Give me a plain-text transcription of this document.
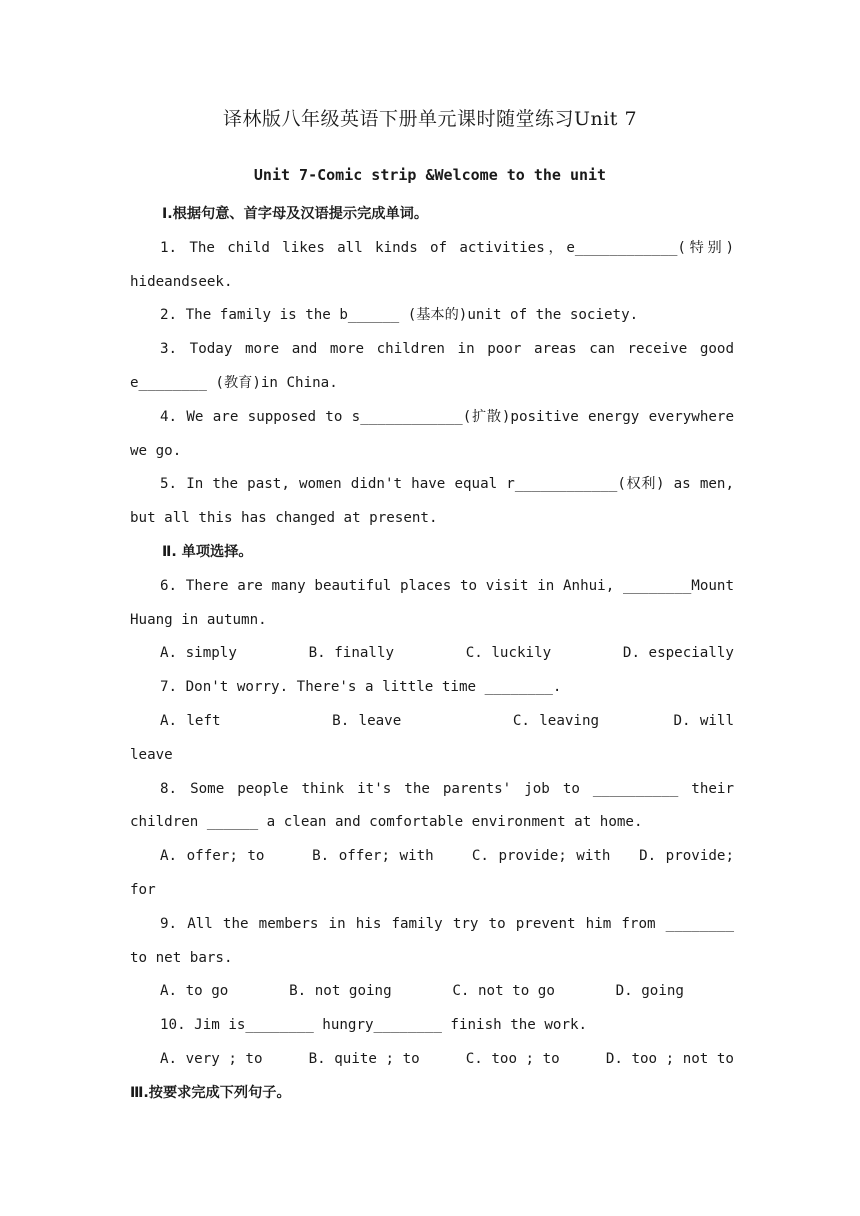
译林版八年级英语下册单元课时随堂练习Unit 7
Unit 7-Comic strip &Welcome to the unit
Ⅰ.根据句意、首字母及汉语提示完成单词。
1. The child likes all kinds of activities，e____________(特别) hideandseek.
2. The family is the b______ (基本的)unit of the society.
3. Today more and more children in poor areas can receive good e________ (教育)in China.
4. We are supposed to s____________(扩散)positive energy everywhere we go.
5. In the past, women didn't have equal r____________(权利) as men, but all this has changed at present.
Ⅱ. 单项选择。
6. There are many beautiful places to visit in Anhui, ________Mount Huang in autumn.
A. simply	B. finally	C. luckily	D. especially
7. Don't worry. There's a little time ________.
A. left	B. leave	C. leaving	D. will leave
8. Some people think it's the parents' job to __________ their children ______ a clean and comfortable environment at home.
A. offer; to	B. offer; with	C. provide; with D. provide; for
9. All the members in his family try to prevent him from ________ to net bars.
A. to go	B. not going	C. not to go	D. going
10. Jim is________ hungry________ finish the work.
A. very ; to	B. quite ; to	C. too ; to	D. too ; not to
Ⅲ.按要求完成下列句子。
